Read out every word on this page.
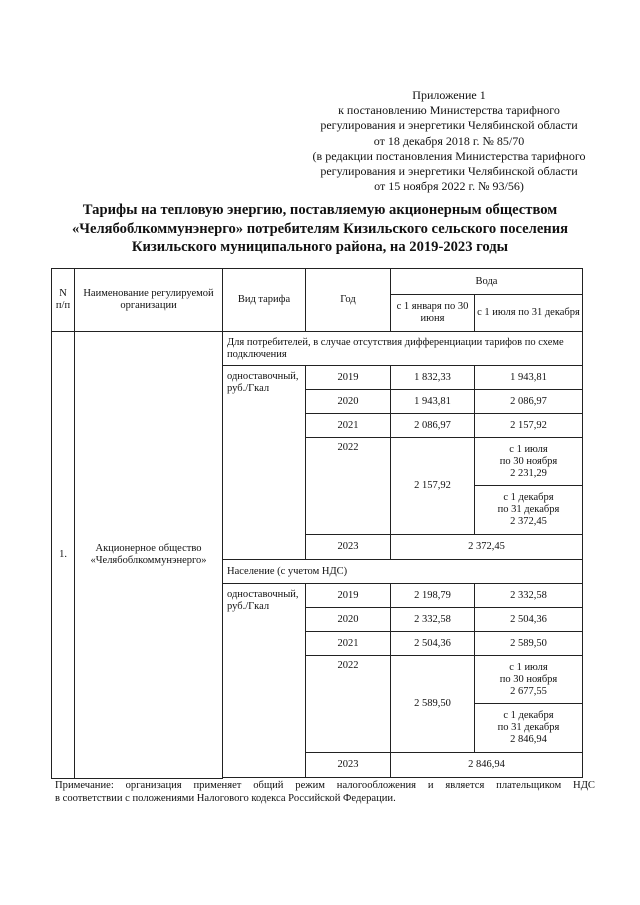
Приложение 1
к постановлению Министерства тарифного
регулирования и энергетики Челябинской области
от 18 декабря 2018 г. № 85/70
(в редакции постановления Министерства тарифного
регулирования и энергетики Челябинской области
от 15 ноября 2022 г. № 93/56)
Тарифы на тепловую энергию, поставляемую акционерным обществом
«Челябоблкоммунэнерго» потребителям Кизильского сельского поселения
Кизильского муниципального района, на 2019-2023 годы
N п/п	Наименование регулируемой организации	Вид тарифа	Год	Вода	
				с 1 января по 30 июня	с 1 июля по 31 декабря
1.	Акционерное общество «Челябоблкоммунэнерго»	Для потребителей, в случае отсутствия дифференциации тарифов по схеме подключения			

		одноставочный, руб./Гкал	2019	1 832,33	1 943,81
			2020	1 943,81	2 086,97
			2021	2 086,97	2 157,92
			2022	2 157,92	с 1 июля
по 30 ноября
2 231,29

					с 1 декабря
по 31 декабря
2 372,45

			2023	2 372,45	
		Население (с учетом НДС)			

		одноставочный, руб./Гкал	2019	2 198,79	2 332,58
			2020	2 332,58	2 504,36
			2021	2 504,36	2 589,50
			2022	2 589,50	с 1 июля
по 30 ноября
2 677,55

					с 1 декабря
по 31 декабря
2 846,94

			2023	2 846,94	

Примечание: организация применяет общий режим налогообложения и является плательщиком НДС
в соответствии с положениями Налогового кодекса Российской Федерации.
